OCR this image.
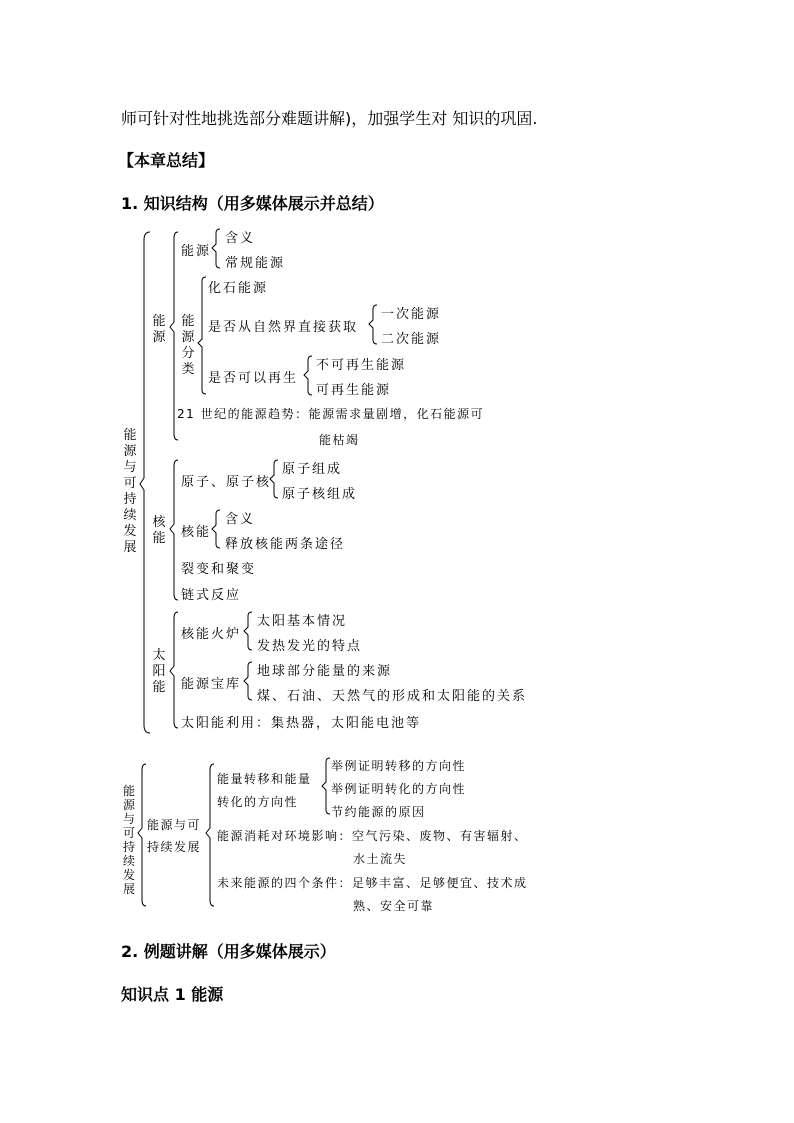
师可针对性地挑选部分难题讲解)，加强学生对 知识的巩固.
【本章总结】
1. 知识结构（用多媒体展示并总结）
能源与可持续发展
能源
能源
含义
常规能源
能源分类
化石能源
是否从自然界直接获取
一次能源
二次能源
是否可以再生
不可再生能源
可再生能源
21 世纪的能源趋势：能源需求量剧增，化石能源可
能枯竭
核能
原子、原子核
原子组成
原子核组成
核能
含义
释放核能两条途径
裂变和聚变
链式反应
太阳能
核能火炉
太阳基本情况
发热发光的特点
能源宝库
地球部分能量的来源
煤、石油、天然气的形成和太阳能的关系
太阳能利用：集热器，太阳能电池等
能源与可持续发展
能源与可
持续发展
能量转移和能量
转化的方向性
举例证明转移的方向性
举例证明转化的方向性
节约能源的原因
能源消耗对环境影响：空气污染、废物、有害辐射、
水土流失
未来能源的四个条件：足够丰富、足够便宜、技术成
熟、安全可靠
2. 例题讲解（用多媒体展示）
知识点 1 能源
